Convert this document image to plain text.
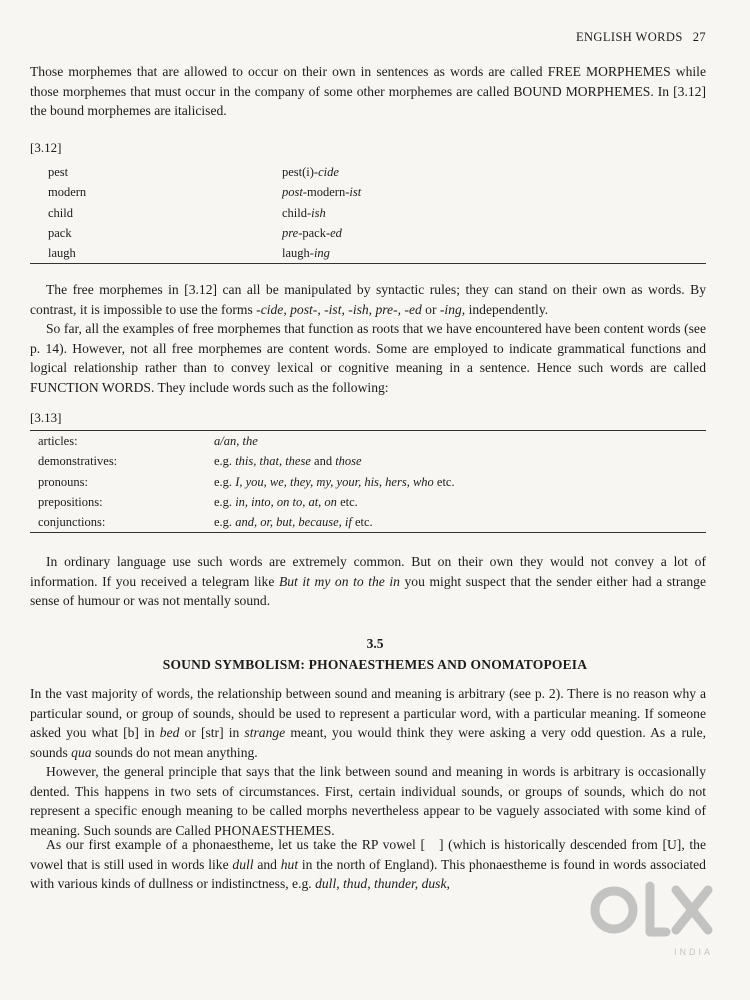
ENGLISH WORDS 27

Those morphemes that are allowed to occur on their own in sentences as words are called FREE MORPHEMES while those morphemes that must occur in the company of some other morphemes are called BOUND MORPHEMES. In [3.12] the bound morphemes are italicised.

[3.12]
pest	pest(i)-cide
modern	post-modern-ist
child	child-ish
pack	pre-pack-ed
laugh	laugh-ing

The free morphemes in [3.12] can all be manipulated by syntactic rules; they can stand on their own as words. By contrast, it is impossible to use the forms -cide, post-, -ist, -ish, pre-, -ed or -ing, independently.

So far, all the examples of free morphemes that function as roots that we have encountered have been content words (see p. 14). However, not all free morphemes are content words. Some are employed to indicate grammatical functions and logical relationship rather than to convey lexical or cognitive meaning in a sentence. Hence such words are called FUNCTION WORDS. They include words such as the following:

[3.13]
articles:	a/an, the
demonstratives:	e.g. this, that, these and those
pronouns:	e.g. I, you, we, they, my, your, his, hers, who etc.
prepositions:	e.g. in, into, on to, at, on etc.
conjunctions:	e.g. and, or, but, because, if etc.

In ordinary language use such words are extremely common. But on their own they would not convey a lot of information. If you received a telegram like But it my on to the in you might suspect that the sender either had a strange sense of humour or was not mentally sound.

3.5
SOUND SYMBOLISM: PHONAESTHEMES AND ONOMATOPOEIA

In the vast majority of words, the relationship between sound and meaning is arbitrary (see p. 2). There is no reason why a particular sound, or group of sounds, should be used to represent a particular word, with a particular meaning. If someone asked you what [b] in bed or [str] in strange meant, you would think they were asking a very odd question. As a rule, sounds qua sounds do not mean anything.

However, the general principle that says that the link between sound and meaning in words is arbitrary is occasionally dented. This happens in two sets of circumstances. First, certain individual sounds, or groups of sounds, which do not represent a specific enough meaning to be called morphs nevertheless appear to be vaguely associated with some kind of meaning. Such sounds are Called PHONAESTHEMES.

As our first example of a phonaestheme, let us take the RP vowel [   ] (which is historically descended from [U], the vowel that is still used in words like dull and hut in the north of England). This phonaestheme is found in words associated with various kinds of dullness or indistinctness, e.g. dull, thud, thunder, dusk,

INDIA
